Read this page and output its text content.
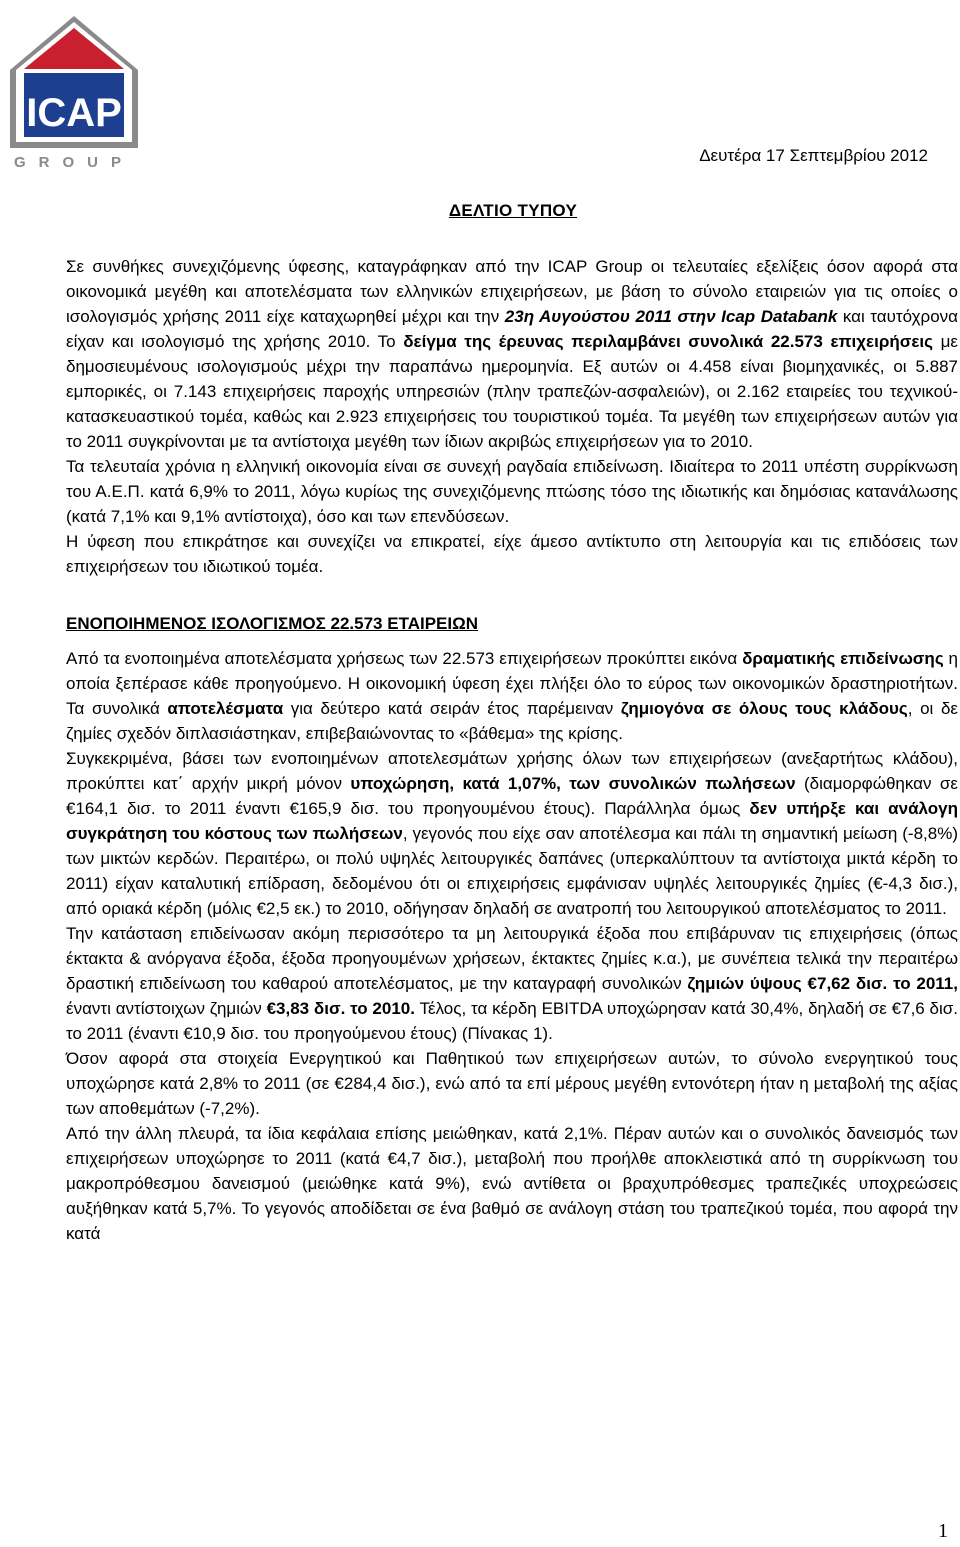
ICAP
GROUP	Δευτέρα 17 Σεπτεμβρίου 2012
ΔΕΛΤΙΟ ΤΥΠΟΥ

Σε συνθήκες συνεχιζόμενης ύφεσης, καταγράφηκαν από την ICAP Group οι τελευταίες εξελίξεις όσον αφορά στα οικονομικά μεγέθη και αποτελέσματα των ελληνικών επιχειρήσεων, με βάση το σύνολο εταιρειών για τις οποίες ο ισολογισμός χρήσης 2011 είχε καταχωρηθεί μέχρι και την 23η Αυγούστου 2011 στην Icap Databank και ταυτόχρονα είχαν και ισολογισμό της χρήσης 2010. Το δείγμα της έρευνας περιλαμβάνει συνολικά 22.573 επιχειρήσεις με δημοσιευμένους ισολογισμούς μέχρι την παραπάνω ημερομηνία. Εξ αυτών οι 4.458 είναι βιομηχανικές, οι 5.887 εμπορικές, οι 7.143 επιχειρήσεις παροχής υπηρεσιών (πλην τραπεζών-ασφαλειών), οι 2.162 εταιρείες του τεχνικού-κατασκευαστικού τομέα, καθώς και 2.923 επιχειρήσεις του τουριστικού τομέα. Τα μεγέθη των επιχειρήσεων αυτών για το 2011 συγκρίνονται με τα αντίστοιχα μεγέθη των ίδιων ακριβώς επιχειρήσεων για το 2010.

Τα τελευταία χρόνια η ελληνική οικονομία είναι σε συνεχή ραγδαία επιδείνωση. Ιδιαίτερα το 2011 υπέστη συρρίκνωση του Α.Ε.Π. κατά 6,9% το 2011, λόγω κυρίως της συνεχιζόμενης πτώσης τόσο της ιδιωτικής και δημόσιας κατανάλωσης (κατά 7,1% και 9,1% αντίστοιχα), όσο και των επενδύσεων.

Η ύφεση που επικράτησε και συνεχίζει να επικρατεί, είχε άμεσο αντίκτυπο στη λειτουργία και τις επιδόσεις των επιχειρήσεων του ιδιωτικού τομέα.

ΕΝΟΠΟΙΗΜΕΝΟΣ ΙΣΟΛΟΓΙΣΜΟΣ 22.573 ΕΤΑΙΡΕΙΩΝ

Από τα ενοποιημένα αποτελέσματα χρήσεως των 22.573 επιχειρήσεων προκύπτει εικόνα δραματικής επιδείνωσης η οποία ξεπέρασε κάθε προηγούμενο. Η οικονομική ύφεση έχει πλήξει όλο το εύρος των οικονομικών δραστηριοτήτων. Τα συνολικά αποτελέσματα για δεύτερο κατά σειράν έτος παρέμειναν ζημιογόνα σε όλους τους κλάδους, οι δε ζημίες σχεδόν διπλασιάστηκαν, επιβεβαιώνοντας το «βάθεμα» της κρίσης.

Συγκεκριμένα, βάσει των ενοποιημένων αποτελεσμάτων χρήσης όλων των επιχειρήσεων (ανεξαρτήτως κλάδου), προκύπτει κατ΄ αρχήν μικρή μόνον υποχώρηση, κατά 1,07%, των συνολικών πωλήσεων (διαμορφώθηκαν σε €164,1 δισ. το 2011 έναντι €165,9 δισ. του προηγουμένου έτους). Παράλληλα όμως δεν υπήρξε και ανάλογη συγκράτηση του κόστους των πωλήσεων, γεγονός που είχε σαν αποτέλεσμα και πάλι τη σημαντική μείωση (-8,8%) των μικτών κερδών. Περαιτέρω, οι πολύ υψηλές λειτουργικές δαπάνες (υπερκαλύπτουν τα αντίστοιχα μικτά κέρδη το 2011) είχαν καταλυτική επίδραση, δεδομένου ότι οι επιχειρήσεις εμφάνισαν υψηλές λειτουργικές ζημίες (€-4,3 δισ.), από οριακά κέρδη (μόλις €2,5 εκ.) το 2010, οδήγησαν δηλαδή σε ανατροπή του λειτουργικού αποτελέσματος το 2011.

Την κατάσταση επιδείνωσαν ακόμη περισσότερο τα μη λειτουργικά έξοδα που επιβάρυναν τις επιχειρήσεις (όπως έκτακτα & ανόργανα έξοδα, έξοδα προηγουμένων χρήσεων, έκτακτες ζημίες κ.α.), με συνέπεια τελικά την περαιτέρω δραστική επιδείνωση του καθαρού αποτελέσματος, με την καταγραφή συνολικών ζημιών ύψους €7,62 δισ. το 2011, έναντι αντίστοιχων ζημιών €3,83 δισ. το 2010. Τέλος, τα κέρδη EBITDA υποχώρησαν κατά 30,4%, δηλαδή σε €7,6 δισ. το 2011 (έναντι €10,9 δισ. του προηγούμενου έτους) (Πίνακας 1).

Όσον αφορά στα στοιχεία Ενεργητικού και Παθητικού των επιχειρήσεων αυτών, το σύνολο ενεργητικού τους υποχώρησε κατά 2,8% το 2011 (σε €284,4 δισ.), ενώ από τα επί μέρους μεγέθη εντονότερη ήταν η μεταβολή της αξίας των αποθεμάτων (-7,2%).

Από την άλλη πλευρά, τα ίδια κεφάλαια επίσης μειώθηκαν, κατά 2,1%. Πέραν αυτών και ο συνολικός δανεισμός των επιχειρήσεων υποχώρησε το 2011 (κατά €4,7 δισ.), μεταβολή που προήλθε αποκλειστικά από τη συρρίκνωση του μακροπρόθεσμου δανεισμού (μειώθηκε κατά 9%), ενώ αντίθετα οι βραχυπρόθεσμες τραπεζικές υποχρεώσεις αυξήθηκαν κατά 5,7%. Το γεγονός αποδίδεται σε ένα βαθμό σε ανάλογη στάση του τραπεζικού τομέα, που αφορά την κατά

1
